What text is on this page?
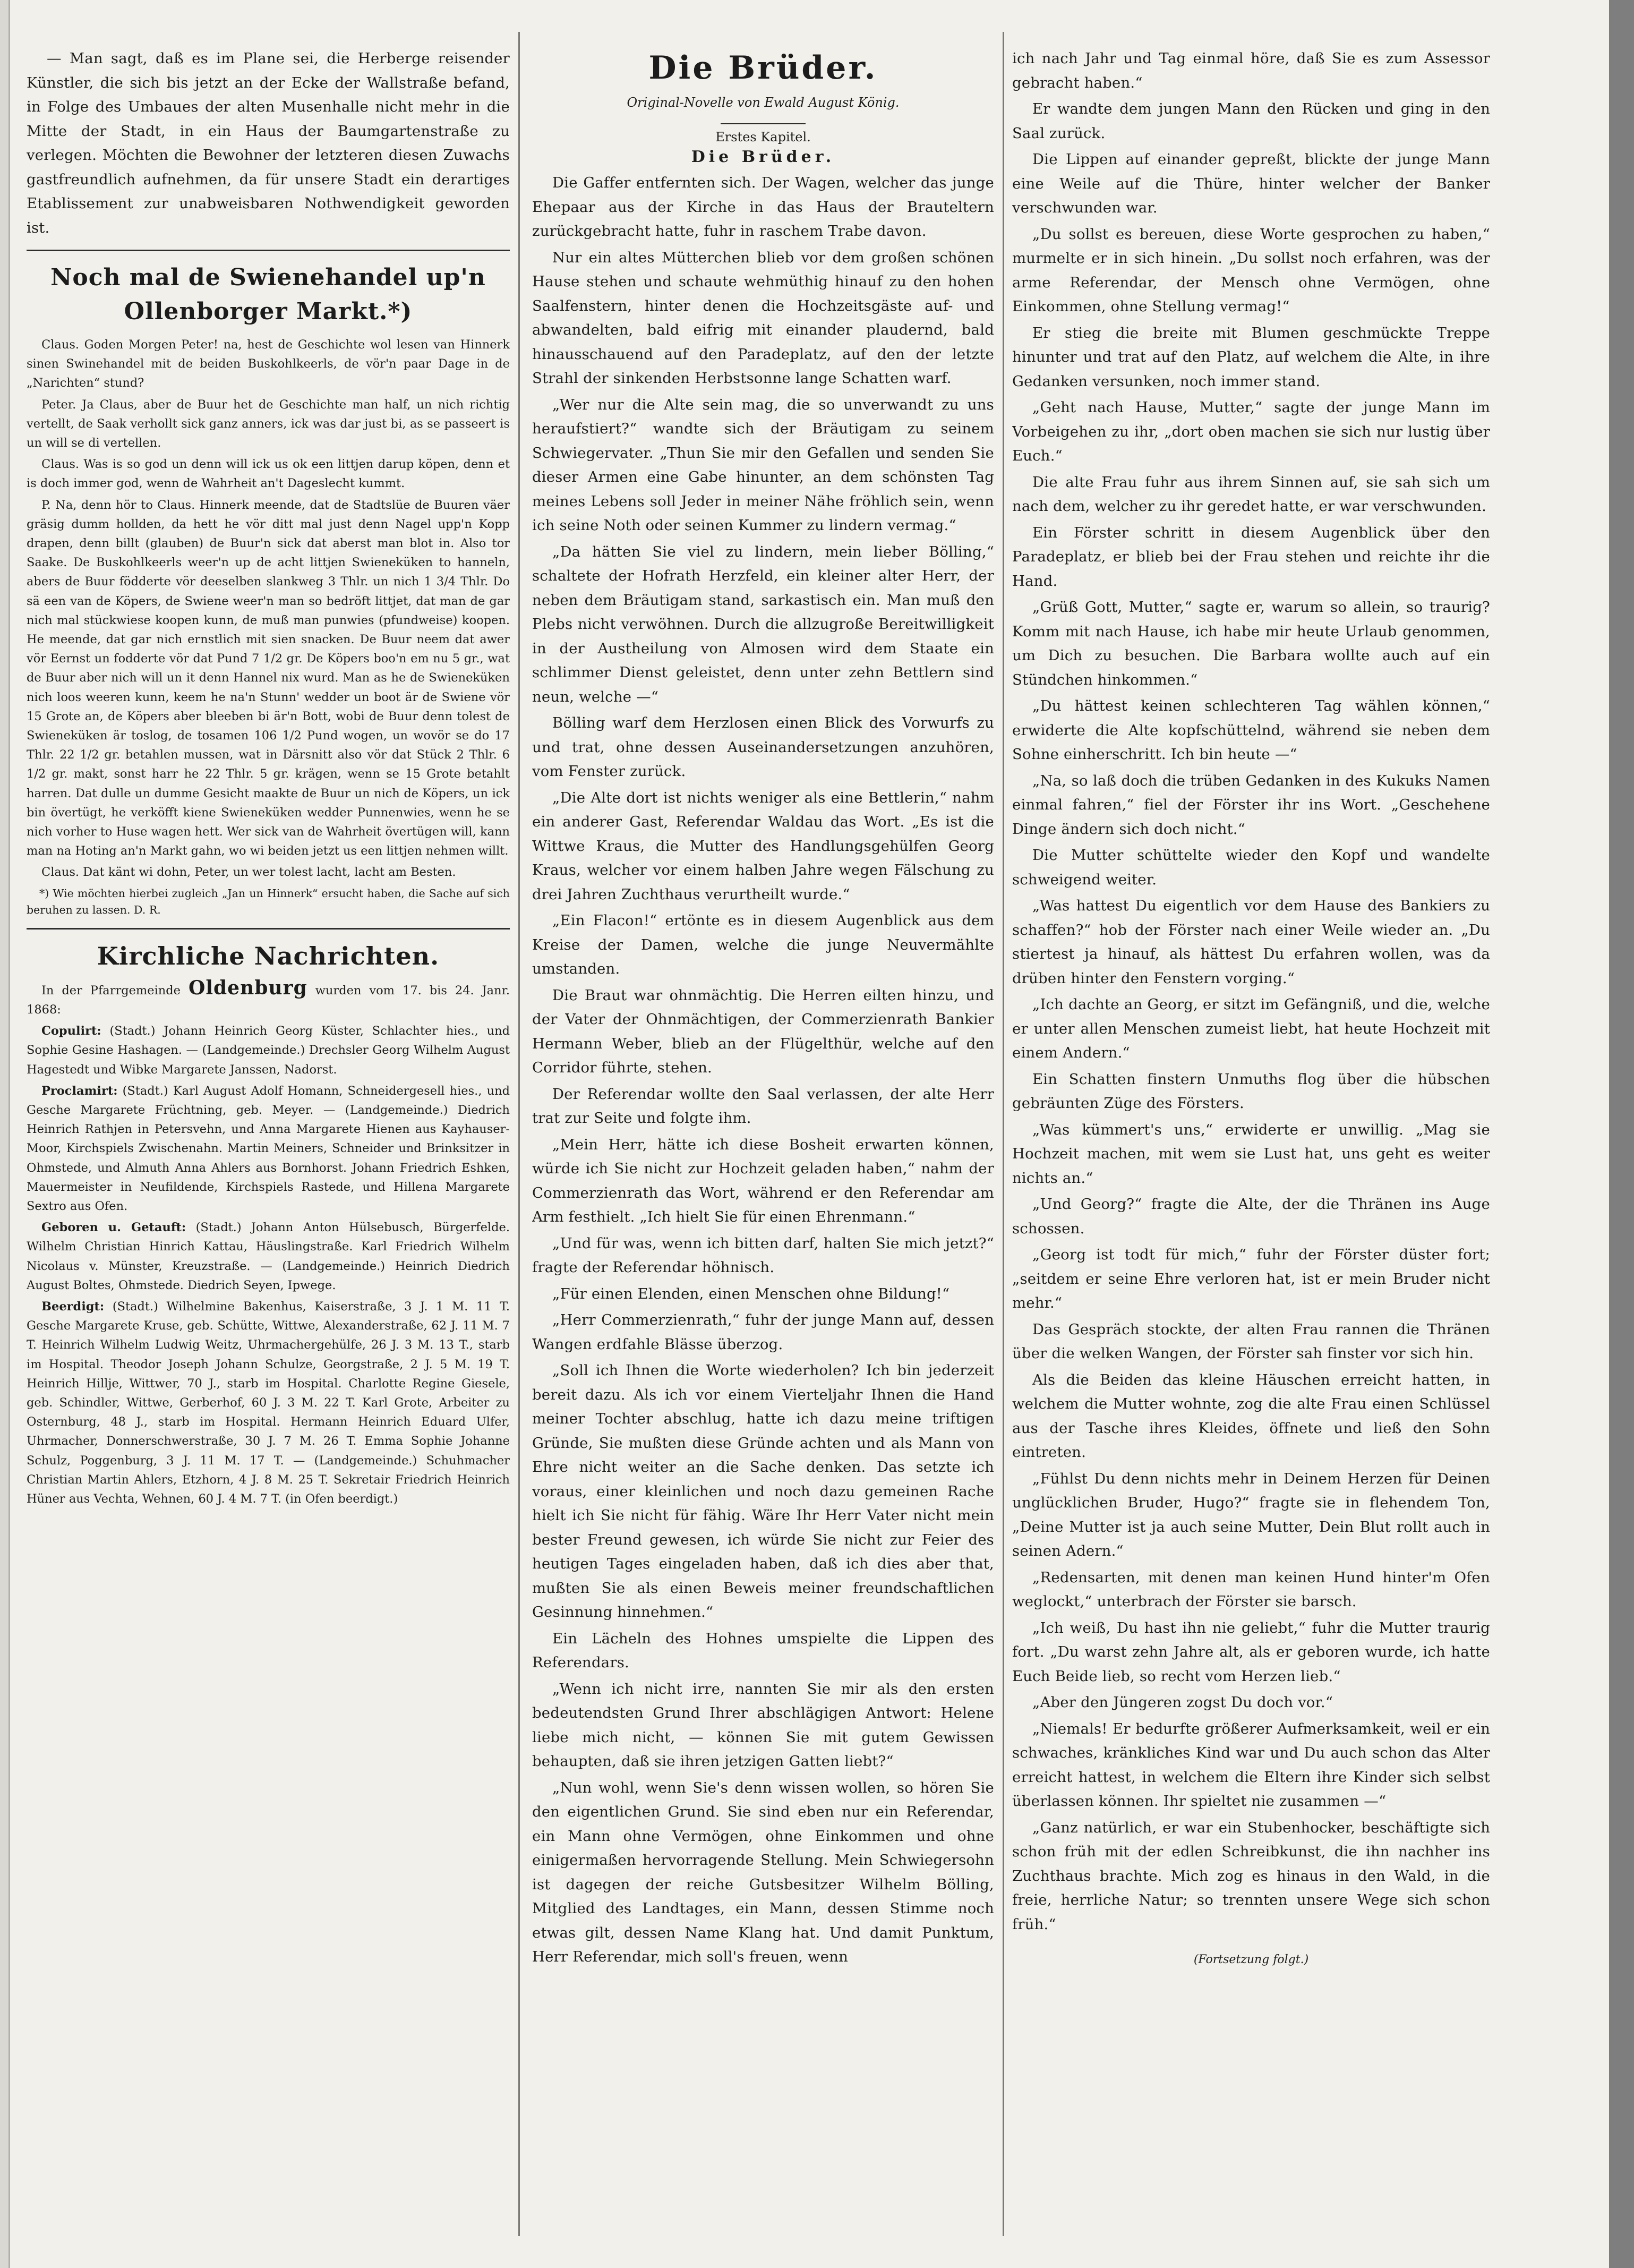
— Man sagt, daß es im Plane sei, die Herberge reisender Künstler, die sich bis jetzt an der Ecke der Wallstraße befand, in Folge des Umbaues der alten Musenhalle nicht mehr in die Mitte der Stadt, in ein Haus der Baumgartenstraße zu verlegen. Möchten die Bewohner der letzteren diesen Zuwachs gastfreundlich aufnehmen, da für unsere Stadt ein derartiges Etablissement zur unabweisbaren Nothwendigkeit geworden ist.

Noch mal de Swienehandel up'n Ollenborger Markt.*)

Claus. Goden Morgen Peter! na, hest de Geschichte wol lesen van Hinnerk sinen Swinehandel mit de beiden Buskohlkeerls, de vör'n paar Dage in de „Narichten“ stund?

Peter. Ja Claus, aber de Buur het de Geschichte man half, un nich richtig vertellt, de Saak verhollt sick ganz anners, ick was dar just bi, as se passeert is un will se di vertellen.

Claus. Was is so god un denn will ick us ok een littjen darup köpen, denn et is doch immer god, wenn de Wahrheit an't Dageslecht kummt.

P. Na, denn hör to Claus. Hinnerk meende, dat de Stadtslüe de Buuren väer gräsig dumm hollden, da hett he vör ditt mal just denn Nagel upp'n Kopp drapen, denn billt (glauben) de Buur'n sick dat aberst man blot in. Also tor Saake. De Buskohlkeerls weer'n up de acht littjen Swieneküken to hanneln, abers de Buur födderte vör deeselben slankweg 3 Thlr. un nich 1 3/4 Thlr. Do sä een van de Köpers, de Swiene weer'n man so bedröft littjet, dat man de gar nich mal stückwiese koopen kunn, de muß man punwies (pfundweise) koopen. He meende, dat gar nich ernstlich mit sien snacken. De Buur neem dat awer vör Eernst un fodderte vör dat Pund 7 1/2 gr. De Köpers boo'n em nu 5 gr., wat de Buur aber nich will un it denn Hannel nix wurd. Man as he de Swieneküken nich loos weeren kunn, keem he na'n Stunn' wedder un boot är de Swiene vör 15 Grote an, de Köpers aber bleeben bi är'n Bott, wobi de Buur denn tolest de Swieneküken är toslog, de tosamen 106 1/2 Pund wogen, un wovör se do 17 Thlr. 22 1/2 gr. betahlen mussen, wat in Därsnitt also vör dat Stück 2 Thlr. 6 1/2 gr. makt, sonst harr he 22 Thlr. 5 gr. krägen, wenn se 15 Grote betahlt harren. Dat dulle un dumme Gesicht maakte de Buur un nich de Köpers, un ick bin övertügt, he verköfft kiene Swieneküken wedder Punnenwies, wenn he se nich vorher to Huse wagen hett. Wer sick van de Wahrheit övertügen will, kann man na Hoting an'n Markt gahn, wo wi beiden jetzt us een littjen nehmen willt.

Claus. Dat känt wi dohn, Peter, un wer tolest lacht, lacht am Besten.

*) Wie möchten hierbei zugleich „Jan un Hinnerk“ ersucht haben, die Sache auf sich beruhen zu lassen. D. R.

Kirchliche Nachrichten.

In der Pfarrgemeinde Oldenburg wurden vom 17. bis 24. Janr. 1868:

Copulirt: (Stadt.) Johann Heinrich Georg Küster, Schlachter hies., und Sophie Gesine Hashagen. — (Landgemeinde.) Drechsler Georg Wilhelm August Hagestedt und Wibke Margarete Janssen, Nadorst.

Proclamirt: (Stadt.) Karl August Adolf Homann, Schneidergesell hies., und Gesche Margarete Früchtning, geb. Meyer. — (Landgemeinde.) Diedrich Heinrich Rathjen in Petersvehn, und Anna Margarete Hienen aus Kayhauser-Moor, Kirchspiels Zwischenahn. Martin Meiners, Schneider und Brinksitzer in Ohmstede, und Almuth Anna Ahlers aus Bornhorst. Johann Friedrich Eshken, Mauermeister in Neufildende, Kirchspiels Rastede, und Hillena Margarete Sextro aus Ofen.

Geboren u. Getauft: (Stadt.) Johann Anton Hülsebusch, Bürgerfelde. Wilhelm Christian Hinrich Kattau, Häuslingstraße. Karl Friedrich Wilhelm Nicolaus v. Münster, Kreuzstraße. — (Landgemeinde.) Heinrich Diedrich August Boltes, Ohmstede. Diedrich Seyen, Ipwege.

Beerdigt: (Stadt.) Wilhelmine Bakenhus, Kaiserstraße, 3 J. 1 M. 11 T. Gesche Margarete Kruse, geb. Schütte, Wittwe, Alexanderstraße, 62 J. 11 M. 7 T. Heinrich Wilhelm Ludwig Weitz, Uhrmachergehülfe, 26 J. 3 M. 13 T., starb im Hospital. Theodor Joseph Johann Schulze, Georgstraße, 2 J. 5 M. 19 T. Heinrich Hillje, Wittwer, 70 J., starb im Hospital. Charlotte Regine Giesele, geb. Schindler, Wittwe, Gerberhof, 60 J. 3 M. 22 T. Karl Grote, Arbeiter zu Osternburg, 48 J., starb im Hospital. Hermann Heinrich Eduard Ulfer, Uhrmacher, Donnerschwerstraße, 30 J. 7 M. 26 T. Emma Sophie Johanne Schulz, Poggenburg, 3 J. 11 M. 17 T. — (Landgemeinde.) Schuhmacher Christian Martin Ahlers, Etzhorn, 4 J. 8 M. 25 T. Sekretair Friedrich Heinrich Hüner aus Vechta, Wehnen, 60 J. 4 M. 7 T. (in Ofen beerdigt.)

Die Brüder.
Original-Novelle von Ewald August König.
Erstes Kapitel.
Die Brüder.

Die Gaffer entfernten sich. Der Wagen, welcher das junge Ehepaar aus der Kirche in das Haus der Brauteltern zurückgebracht hatte, fuhr in raschem Trabe davon.

Nur ein altes Mütterchen blieb vor dem großen schönen Hause stehen und schaute wehmüthig hinauf zu den hohen Saalfenstern, hinter denen die Hochzeitsgäste auf- und abwandelten, bald eifrig mit einander plaudernd, bald hinausschauend auf den Paradeplatz, auf den der letzte Strahl der sinkenden Herbstsonne lange Schatten warf.

„Wer nur die Alte sein mag, die so unverwandt zu uns heraufstiert?“ wandte sich der Bräutigam zu seinem Schwiegervater. „Thun Sie mir den Gefallen und senden Sie dieser Armen eine Gabe hinunter, an dem schönsten Tag meines Lebens soll Jeder in meiner Nähe fröhlich sein, wenn ich seine Noth oder seinen Kummer zu lindern vermag.“

„Da hätten Sie viel zu lindern, mein lieber Bölling,“ schaltete der Hofrath Herzfeld, ein kleiner alter Herr, der neben dem Bräutigam stand, sarkastisch ein. Man muß den Plebs nicht verwöhnen. Durch die allzugroße Bereitwilligkeit in der Austheilung von Almosen wird dem Staate ein schlimmer Dienst geleistet, denn unter zehn Bettlern sind neun, welche —“

Bölling warf dem Herzlosen einen Blick des Vorwurfs zu und trat, ohne dessen Auseinandersetzungen anzuhören, vom Fenster zurück.

„Die Alte dort ist nichts weniger als eine Bettlerin,“ nahm ein anderer Gast, Referendar Waldau das Wort. „Es ist die Wittwe Kraus, die Mutter des Handlungsgehülfen Georg Kraus, welcher vor einem halben Jahre wegen Fälschung zu drei Jahren Zuchthaus verurtheilt wurde.“

„Ein Flacon!“ ertönte es in diesem Augenblick aus dem Kreise der Damen, welche die junge Neuvermählte umstanden.

Die Braut war ohnmächtig. Die Herren eilten hinzu, und der Vater der Ohnmächtigen, der Commerzienrath Bankier Hermann Weber, blieb an der Flügelthür, welche auf den Corridor führte, stehen.

Der Referendar wollte den Saal verlassen, der alte Herr trat zur Seite und folgte ihm.

„Mein Herr, hätte ich diese Bosheit erwarten können, würde ich Sie nicht zur Hochzeit geladen haben,“ nahm der Commerzienrath das Wort, während er den Referendar am Arm festhielt. „Ich hielt Sie für einen Ehrenmann.“

„Und für was, wenn ich bitten darf, halten Sie mich jetzt?“ fragte der Referendar höhnisch.

„Für einen Elenden, einen Menschen ohne Bildung!“

„Herr Commerzienrath,“ fuhr der junge Mann auf, dessen Wangen erdfahle Blässe überzog.

„Soll ich Ihnen die Worte wiederholen? Ich bin jederzeit bereit dazu. Als ich vor einem Vierteljahr Ihnen die Hand meiner Tochter abschlug, hatte ich dazu meine triftigen Gründe, Sie mußten diese Gründe achten und als Mann von Ehre nicht weiter an die Sache denken. Das setzte ich voraus, einer kleinlichen und noch dazu gemeinen Rache hielt ich Sie nicht für fähig. Wäre Ihr Herr Vater nicht mein bester Freund gewesen, ich würde Sie nicht zur Feier des heutigen Tages eingeladen haben, daß ich dies aber that, mußten Sie als einen Beweis meiner freundschaftlichen Gesinnung hinnehmen.“

Ein Lächeln des Hohnes umspielte die Lippen des Referendars.

„Wenn ich nicht irre, nannten Sie mir als den ersten bedeutendsten Grund Ihrer abschlägigen Antwort: Helene liebe mich nicht, — können Sie mit gutem Gewissen behaupten, daß sie ihren jetzigen Gatten liebt?“

„Nun wohl, wenn Sie's denn wissen wollen, so hören Sie den eigentlichen Grund. Sie sind eben nur ein Referendar, ein Mann ohne Vermögen, ohne Einkommen und ohne einigermaßen hervorragende Stellung. Mein Schwiegersohn ist dagegen der reiche Gutsbesitzer Wilhelm Bölling, Mitglied des Landtages, ein Mann, dessen Stimme noch etwas gilt, dessen Name Klang hat. Und damit Punktum, Herr Referendar, mich soll's freuen, wenn

ich nach Jahr und Tag einmal höre, daß Sie es zum Assessor gebracht haben.“

Er wandte dem jungen Mann den Rücken und ging in den Saal zurück.

Die Lippen auf einander gepreßt, blickte der junge Mann eine Weile auf die Thüre, hinter welcher der Banker verschwunden war.

„Du sollst es bereuen, diese Worte gesprochen zu haben,“ murmelte er in sich hinein. „Du sollst noch erfahren, was der arme Referendar, der Mensch ohne Vermögen, ohne Einkommen, ohne Stellung vermag!“

Er stieg die breite mit Blumen geschmückte Treppe hinunter und trat auf den Platz, auf welchem die Alte, in ihre Gedanken versunken, noch immer stand.

„Geht nach Hause, Mutter,“ sagte der junge Mann im Vorbeigehen zu ihr, „dort oben machen sie sich nur lustig über Euch.“

Die alte Frau fuhr aus ihrem Sinnen auf, sie sah sich um nach dem, welcher zu ihr geredet hatte, er war verschwunden.

Ein Förster schritt in diesem Augenblick über den Paradeplatz, er blieb bei der Frau stehen und reichte ihr die Hand.

„Grüß Gott, Mutter,“ sagte er, warum so allein, so traurig? Komm mit nach Hause, ich habe mir heute Urlaub genommen, um Dich zu besuchen. Die Barbara wollte auch auf ein Stündchen hinkommen.“

„Du hättest keinen schlechteren Tag wählen können,“ erwiderte die Alte kopfschüttelnd, während sie neben dem Sohne einherschritt. Ich bin heute —“

„Na, so laß doch die trüben Gedanken in des Kukuks Namen einmal fahren,“ fiel der Förster ihr ins Wort. „Geschehene Dinge ändern sich doch nicht.“

Die Mutter schüttelte wieder den Kopf und wandelte schweigend weiter.

„Was hattest Du eigentlich vor dem Hause des Bankiers zu schaffen?“ hob der Förster nach einer Weile wieder an. „Du stiertest ja hinauf, als hättest Du erfahren wollen, was da drüben hinter den Fenstern vorging.“

„Ich dachte an Georg, er sitzt im Gefängniß, und die, welche er unter allen Menschen zumeist liebt, hat heute Hochzeit mit einem Andern.“

Ein Schatten finstern Unmuths flog über die hübschen gebräunten Züge des Försters.

„Was kümmert's uns,“ erwiderte er unwillig. „Mag sie Hochzeit machen, mit wem sie Lust hat, uns geht es weiter nichts an.“

„Und Georg?“ fragte die Alte, der die Thränen ins Auge schossen.

„Georg ist todt für mich,“ fuhr der Förster düster fort; „seitdem er seine Ehre verloren hat, ist er mein Bruder nicht mehr.“

Das Gespräch stockte, der alten Frau rannen die Thränen über die welken Wangen, der Förster sah finster vor sich hin.

Als die Beiden das kleine Häuschen erreicht hatten, in welchem die Mutter wohnte, zog die alte Frau einen Schlüssel aus der Tasche ihres Kleides, öffnete und ließ den Sohn eintreten.

„Fühlst Du denn nichts mehr in Deinem Herzen für Deinen unglücklichen Bruder, Hugo?“ fragte sie in flehendem Ton, „Deine Mutter ist ja auch seine Mutter, Dein Blut rollt auch in seinen Adern.“

„Redensarten, mit denen man keinen Hund hinter'm Ofen weglockt,“ unterbrach der Förster sie barsch.

„Ich weiß, Du hast ihn nie geliebt,“ fuhr die Mutter traurig fort. „Du warst zehn Jahre alt, als er geboren wurde, ich hatte Euch Beide lieb, so recht vom Herzen lieb.“

„Aber den Jüngeren zogst Du doch vor.“

„Niemals! Er bedurfte größerer Aufmerksamkeit, weil er ein schwaches, kränkliches Kind war und Du auch schon das Alter erreicht hattest, in welchem die Eltern ihre Kinder sich selbst überlassen können. Ihr spieltet nie zusammen —“

„Ganz natürlich, er war ein Stubenhocker, beschäftigte sich schon früh mit der edlen Schreibkunst, die ihn nachher ins Zuchthaus brachte. Mich zog es hinaus in den Wald, in die freie, herrliche Natur; so trennten unsere Wege sich schon früh.“

(Fortsetzung folgt.)
